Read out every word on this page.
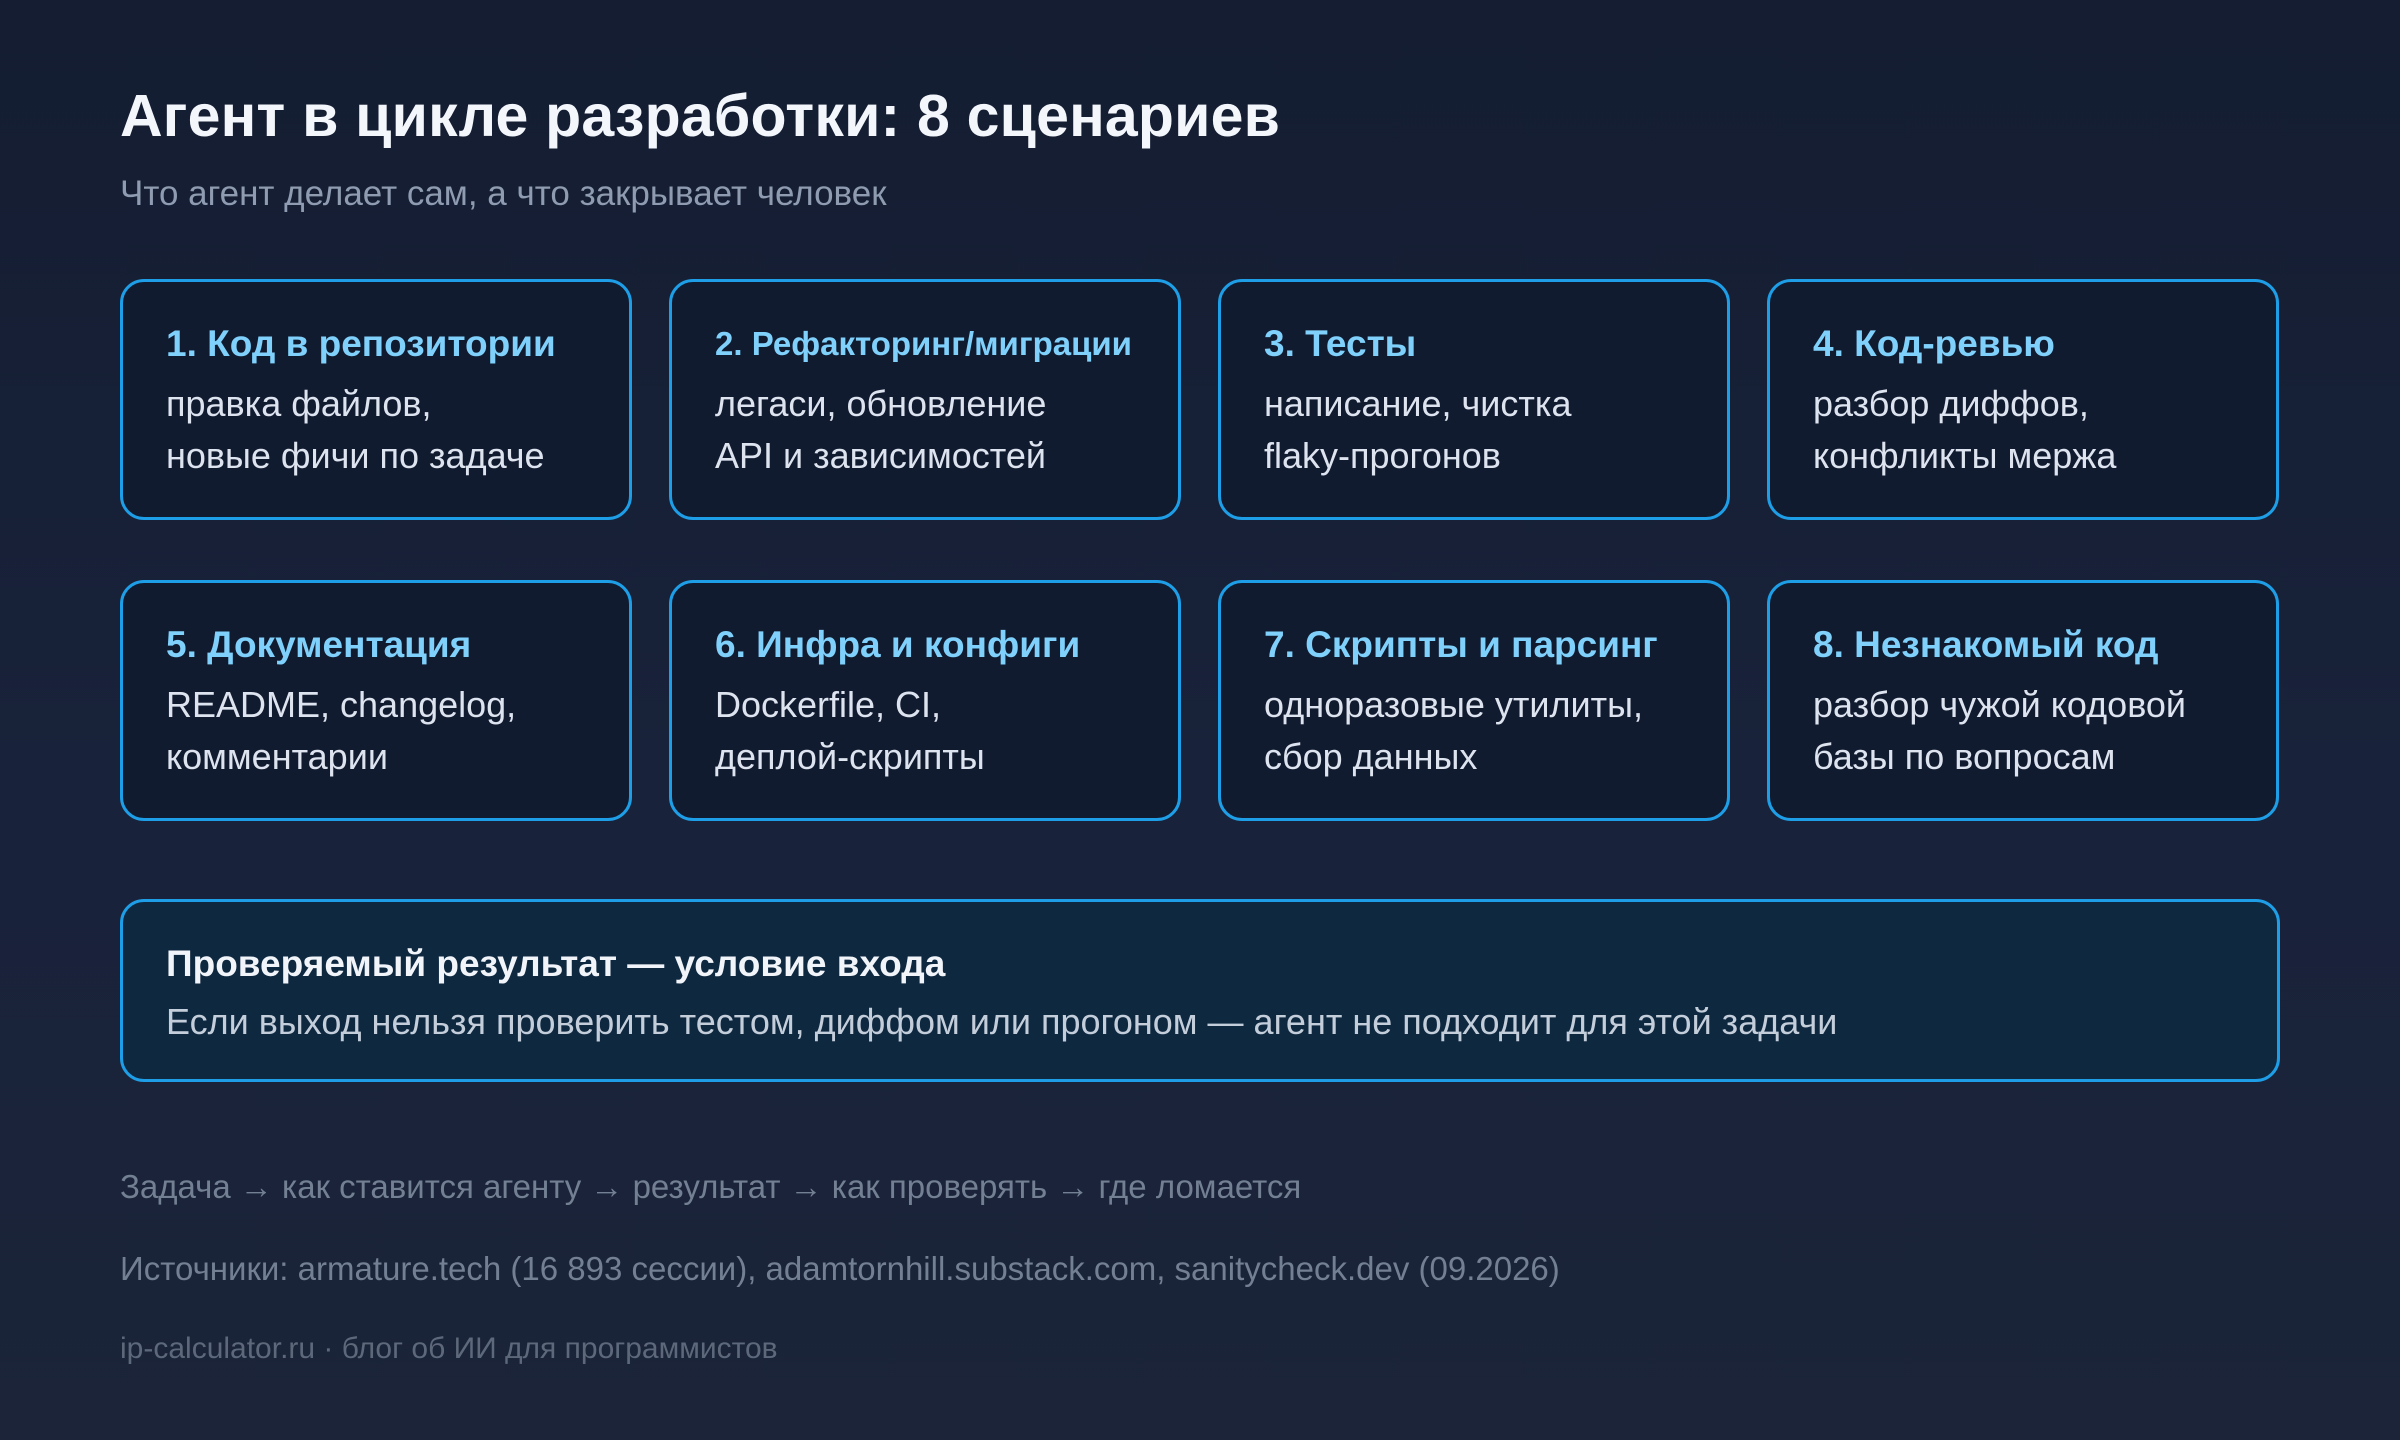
Агент в цикле разработки: 8 сценариев
Что агент делает сам, а что закрывает человек
1. Код в репозитории
правка файлов,
новые фичи по задаче
2. Рефакторинг/миграции
легаси, обновление
API и зависимостей
3. Тесты
написание, чистка
flaky-прогонов
4. Код-ревью
разбор диффов,
конфликты мержа
5. Документация
README, changelog,
комментарии
6. Инфра и конфиги
Dockerfile, CI,
деплой-скрипты
7. Скрипты и парсинг
одноразовые утилиты,
сбор данных
8. Незнакомый код
разбор чужой кодовой
базы по вопросам
Проверяемый результат — условие входа
Если выход нельзя проверить тестом, диффом или прогоном — агент не подходит для этой задачи
Задача → как ставится агенту → результат → как проверять → где ломается
Источники: armature.tech (16 893 сессии), adamtornhill.substack.com, sanitycheck.dev (09.2026)
ip-calculator.ru · блог об ИИ для программистов
